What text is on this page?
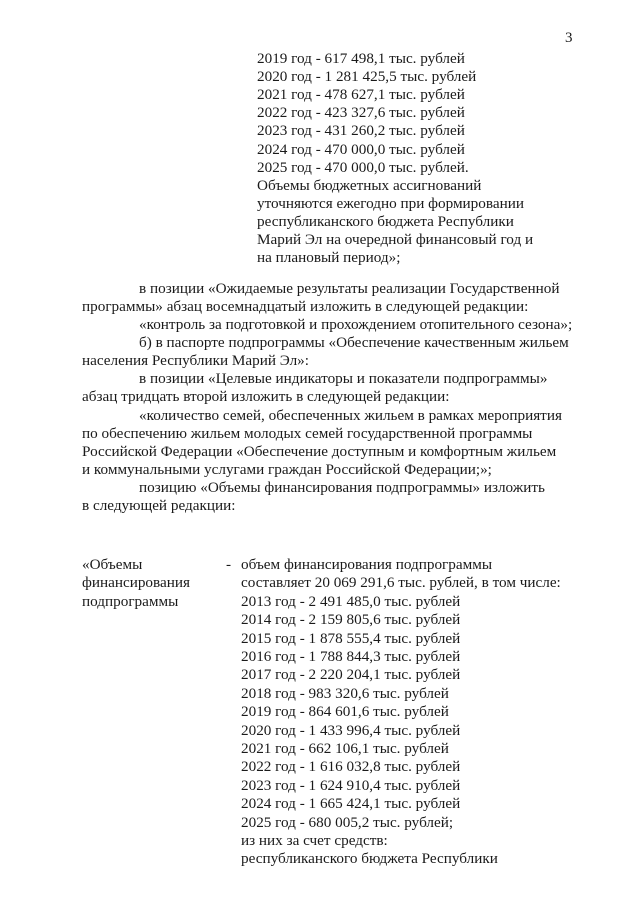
3
2019 год - 617 498,1 тыс. рублей
2020 год - 1 281 425,5 тыс. рублей
2021 год - 478 627,1 тыс. рублей
2022 год - 423 327,6 тыс. рублей
2023 год - 431 260,2 тыс. рублей
2024 год - 470 000,0 тыс. рублей
2025 год - 470 000,0 тыс. рублей.
Объемы бюджетных ассигнований
уточняются ежегодно при формировании
республиканского бюджета Республики
Марий Эл на очередной финансовый год и
на плановый период»;
в позиции «Ожидаемые результаты реализации Государственной
программы» абзац восемнадцатый изложить в следующей редакции:
«контроль за подготовкой и прохождением отопительного сезона»;
б) в паспорте подпрограммы «Обеспечение качественным жильем
населения Республики Марий Эл»:
в позиции «Целевые индикаторы и показатели подпрограммы»
абзац тридцать второй изложить в следующей редакции:
«количество семей, обеспеченных жильем в рамках мероприятия
по обеспечению жильем молодых семей государственной программы
Российской Федерации «Обеспечение доступным и комфортным жильем
и коммунальными услугами граждан Российской Федерации;»;
позицию «Объемы финансирования подпрограммы» изложить
в следующей редакции:
«Объемы
финансирования
подпрограммы
- объем финансирования подпрограммы
составляет 20 069 291,6 тыс. рублей, в том числе:
2013 год - 2 491 485,0 тыс. рублей
2014 год - 2 159 805,6 тыс. рублей
2015 год - 1 878 555,4 тыс. рублей
2016 год - 1 788 844,3 тыс. рублей
2017 год - 2 220 204,1 тыс. рублей
2018 год - 983 320,6 тыс. рублей
2019 год - 864 601,6 тыс. рублей
2020 год - 1 433 996,4 тыс. рублей
2021 год - 662 106,1 тыс. рублей
2022 год - 1 616 032,8 тыс. рублей
2023 год - 1 624 910,4 тыс. рублей
2024 год - 1 665 424,1 тыс. рублей
2025 год - 680 005,2 тыс. рублей;
из них за счет средств:
республиканского бюджета Республики
